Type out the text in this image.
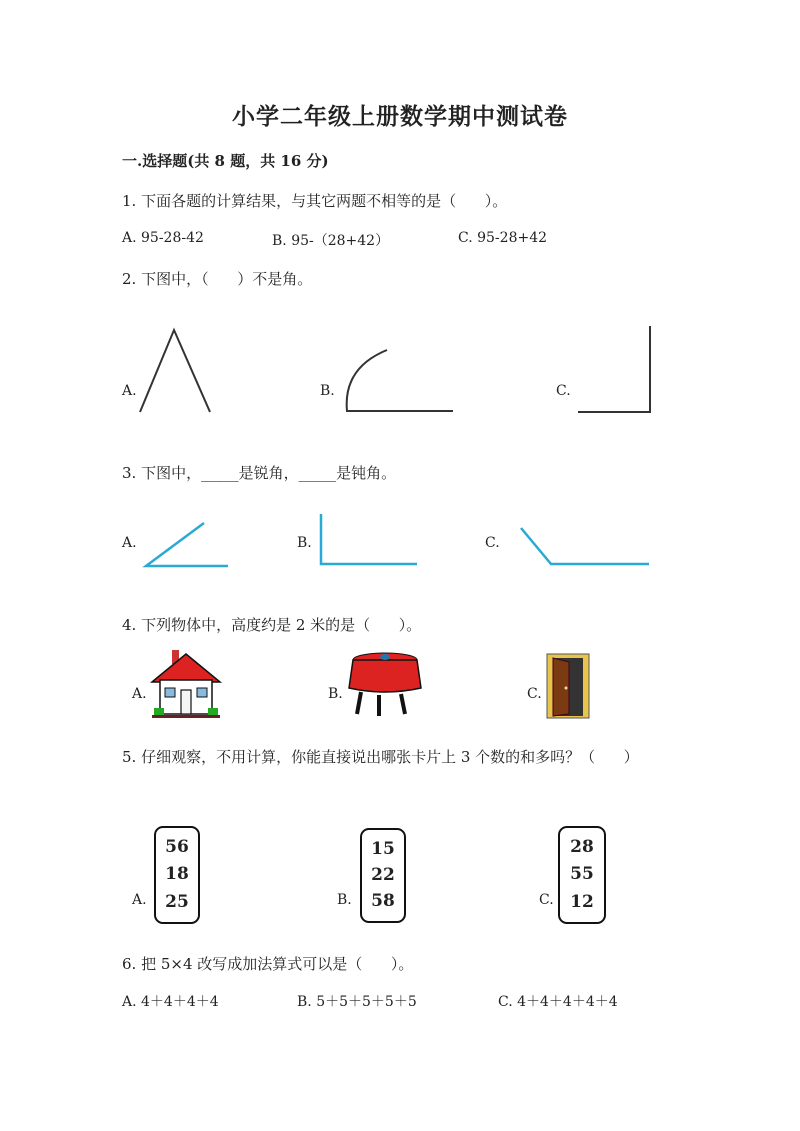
小学二年级上册数学期中测试卷
一.选择题(共 8 题，共 16 分)
1. 下面各题的计算结果，与其它两题不相等的是（      ）。
A. 95-28-42	B. 95-（28+42）	C. 95-28+42
2. 下图中，（      ）不是角。
A.	B.	C.
3. 下图中，_____是锐角，_____是钝角。
A.	B.	C.
4. 下列物体中，高度约是 2 米的是（      ）。
A.	B.	C.
5. 仔细观察，不用计算，你能直接说出哪张卡片上 3 个数的和多吗？（      ）
A.
56
18
25	B.
15
22
58	C.
28
55
12
6. 把 5×4 改写成加法算式可以是（      ）。
A. 4＋4＋4＋4	B. 5＋5＋5＋5＋5	C. 4＋4＋4＋4＋4
